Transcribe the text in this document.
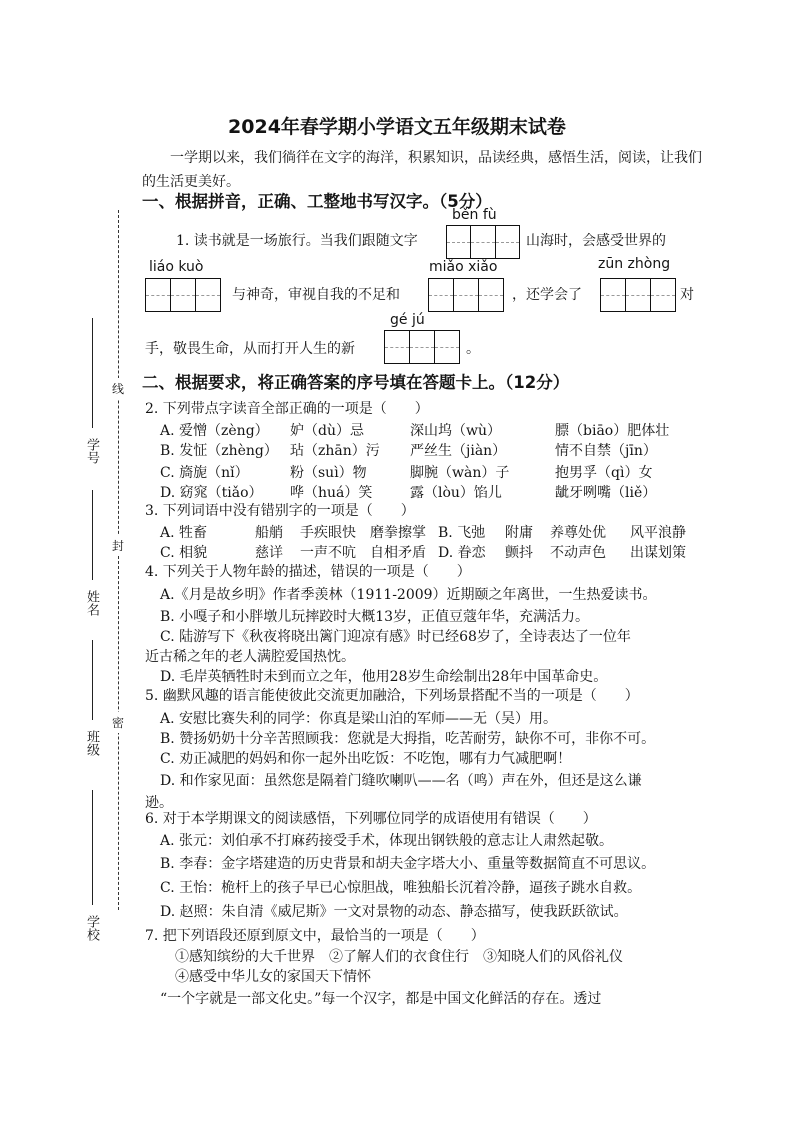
线
封
密
学号
姓名
班级
学校
2024年春学期小学语文五年级期末试卷
一学期以来，我们徜徉在文字的海洋，积累知识，品读经典，感悟生活，阅读，让我们的生活更美好。
一、根据拼音，正确、工整地书写汉字。（5分）
běn fù
1. 读书就是一场旅行。当我们跟随文字	山海时，会感受世界的
liáo kuò	miǎo xiǎo	zūn zhòng
与神奇，审视自我的不足和	，还学会了	对
gé jú
手，敬畏生命，从而打开人生的新	。
二、根据要求，将正确答案的序号填在答题卡上。（12分）
2. 下列带点字读音全部正确的一项是（　　）
A. 爱憎（zèng） 妒（dù）忌	深山坞（wù）	膘（biāo）肥体壮
B. 发怔（zhèng） 玷（zhān）污 严丝生（jiàn）	情不自禁（jīn）
C. 旖旎（nǐ）	粉（suì）物	脚腕（wàn）子	抱男孚（qì）女
D. 窈窕（tiǎo） 哗（huá）笑	露（lòu）馅儿	龇牙咧嘴（liě）
3. 下列词语中没有错别字的一项是（　　）
A. 牲畜	船艄 手疾眼快 磨拳擦掌 B. 飞弛 附庸 养尊处优 风平浪静
C. 相貌	慈详 一声不吭 自相矛盾 D. 眷恋 颤抖 不动声色 出谋划策
4. 下列关于人物年龄的描述，错误的一项是（　　）
A.《月是故乡明》作者季羡林（1911-2009）近期颐之年离世，一生热爱读书。
B. 小嘎子和小胖墩儿玩摔跤时大概13岁，正值豆蔻年华，充满活力。
C. 陆游写下《秋夜将晓出篱门迎凉有感》时已经68岁了，全诗表达了一位年
近古稀之年的老人满腔爱国热忱。
D. 毛岸英牺牲时未到而立之年，他用28岁生命绘制出28年中国革命史。
5. 幽默风趣的语言能使彼此交流更加融洽，下列场景搭配不当的一项是（　　）
A. 安慰比赛失利的同学：你真是梁山泊的军师——无（吴）用。
B. 赞扬奶奶十分辛苦照顾我：您就是大拇指，吃苦耐劳，缺你不可，非你不可。
C. 劝正减肥的妈妈和你一起外出吃饭：不吃饱，哪有力气减肥啊！
D. 和作家见面：虽然您是隔着门缝吹喇叭——名（鸣）声在外，但还是这么谦
逊。
6. 对于本学期课文的阅读感悟，下列哪位同学的成语使用有错误（　　）
A. 张元：刘伯承不打麻药接受手术，体现出钢铁般的意志让人肃然起敬。
B. 李春：金字塔建造的历史背景和胡夫金字塔大小、重量等数据简直不可思议。
C. 王怡：桅杆上的孩子早已心惊胆战，唯独船长沉着冷静，逼孩子跳水自救。
D. 赵照：朱自清《威尼斯》一文对景物的动态、静态描写，使我跃跃欲试。
7. 把下列语段还原到原文中，最恰当的一项是（　　）
①感知缤纷的大千世界　②了解人们的衣食住行　③知晓人们的风俗礼仪
④感受中华儿女的家国天下情怀
“一个字就是一部文化史。”每一个汉字，都是中国文化鲜活的存在。透过
